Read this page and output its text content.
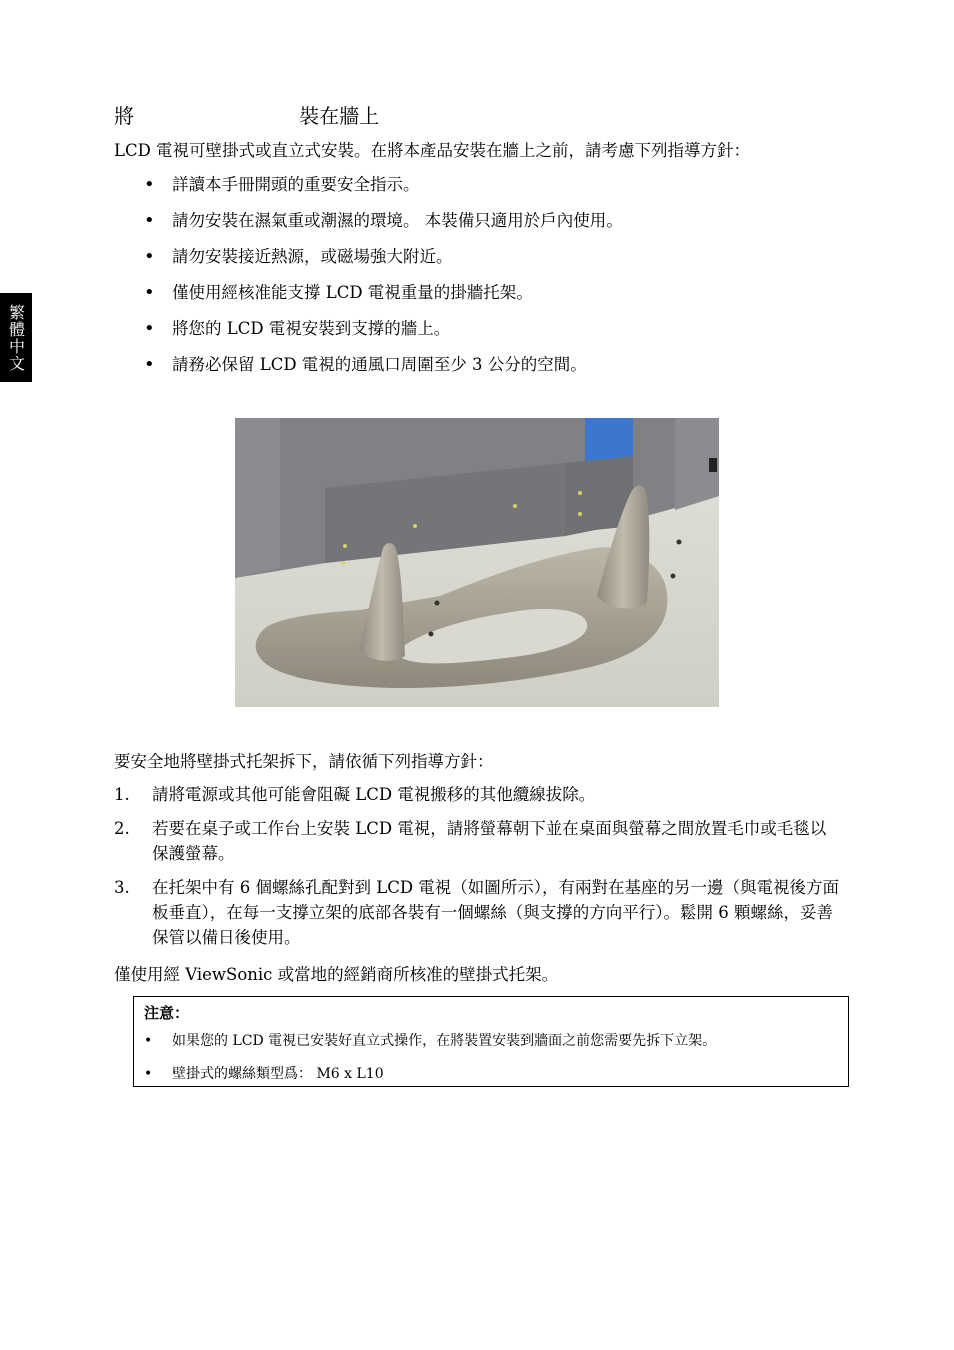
繁體中文
將                          裝在牆上
LCD 電視可壁掛式或直立式安裝。在將本產品安裝在牆上之前，請考慮下列指導方針：
• 詳讀本手冊開頭的重要安全指示。
• 請勿安裝在濕氣重或潮濕的環境。 本裝備只適用於戶內使用。
• 請勿安裝接近熱源，或磁場強大附近。
• 僅使用經核准能支撐 LCD 電視重量的掛牆托架。
• 將您的 LCD 電視安裝到支撐的牆上。
• 請務必保留 LCD 電視的通風口周圍至少 3 公分的空間。
要安全地將壁掛式托架拆下，請依循下列指導方針：
1. 請將電源或其他可能會阻礙 LCD 電視搬移的其他纜線拔除。
2. 若要在桌子或工作台上安裝 LCD 電視，請將螢幕朝下並在桌面與螢幕之間放置毛巾或毛毯以保護螢幕。
3. 在托架中有 6 個螺絲孔配對到 LCD 電視（如圖所示），有兩對在基座的另一邊（與電視後方面板垂直），在每一支撐立架的底部各裝有一個螺絲（與支撐的方向平行）。鬆開 6 顆螺絲，妥善保管以備日後使用。
僅使用經 ViewSonic 或當地的經銷商所核准的壁掛式托架。
注意：
• 如果您的 LCD 電視已安裝好直立式操作，在將裝置安裝到牆面之前您需要先拆下立架。
• 壁掛式的螺絲類型爲： M6 x L10
